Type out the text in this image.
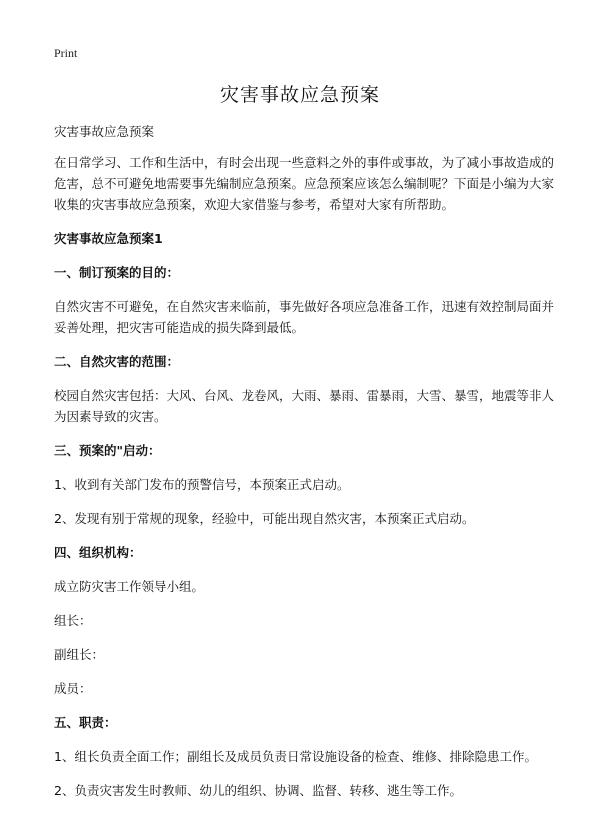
Print
灾害事故应急预案

灾害事故应急预案

在日常学习、工作和生活中，有时会出现一些意料之外的事件或事故，为了减小事故造成的危害，总不可避免地需要事先编制应急预案。应急预案应该怎么编制呢？下面是小编为大家收集的灾害事故应急预案，欢迎大家借鉴与参考，希望对大家有所帮助。

灾害事故应急预案1

一、制订预案的目的：

自然灾害不可避免，在自然灾害来临前，事先做好各项应急准备工作，迅速有效控制局面并妥善处理，把灾害可能造成的损失降到最低。

二、自然灾害的范围：

校园自然灾害包括：大风、台风、龙卷风，大雨、暴雨、雷暴雨，大雪、暴雪，地震等非人为因素导致的灾害。

三、预案的"启动：

1、收到有关部门发布的预警信号，本预案正式启动。

2、发现有别于常规的现象，经验中，可能出现自然灾害，本预案正式启动。

四、组织机构：

成立防灾害工作领导小组。

组长：

副组长：

成员：

五、职责：

1、组长负责全面工作；副组长及成员负责日常设施设备的检查、维修、排除隐患工作。

2、负责灾害发生时教师、幼儿的组织、协调、监督、转移、逃生等工作。
